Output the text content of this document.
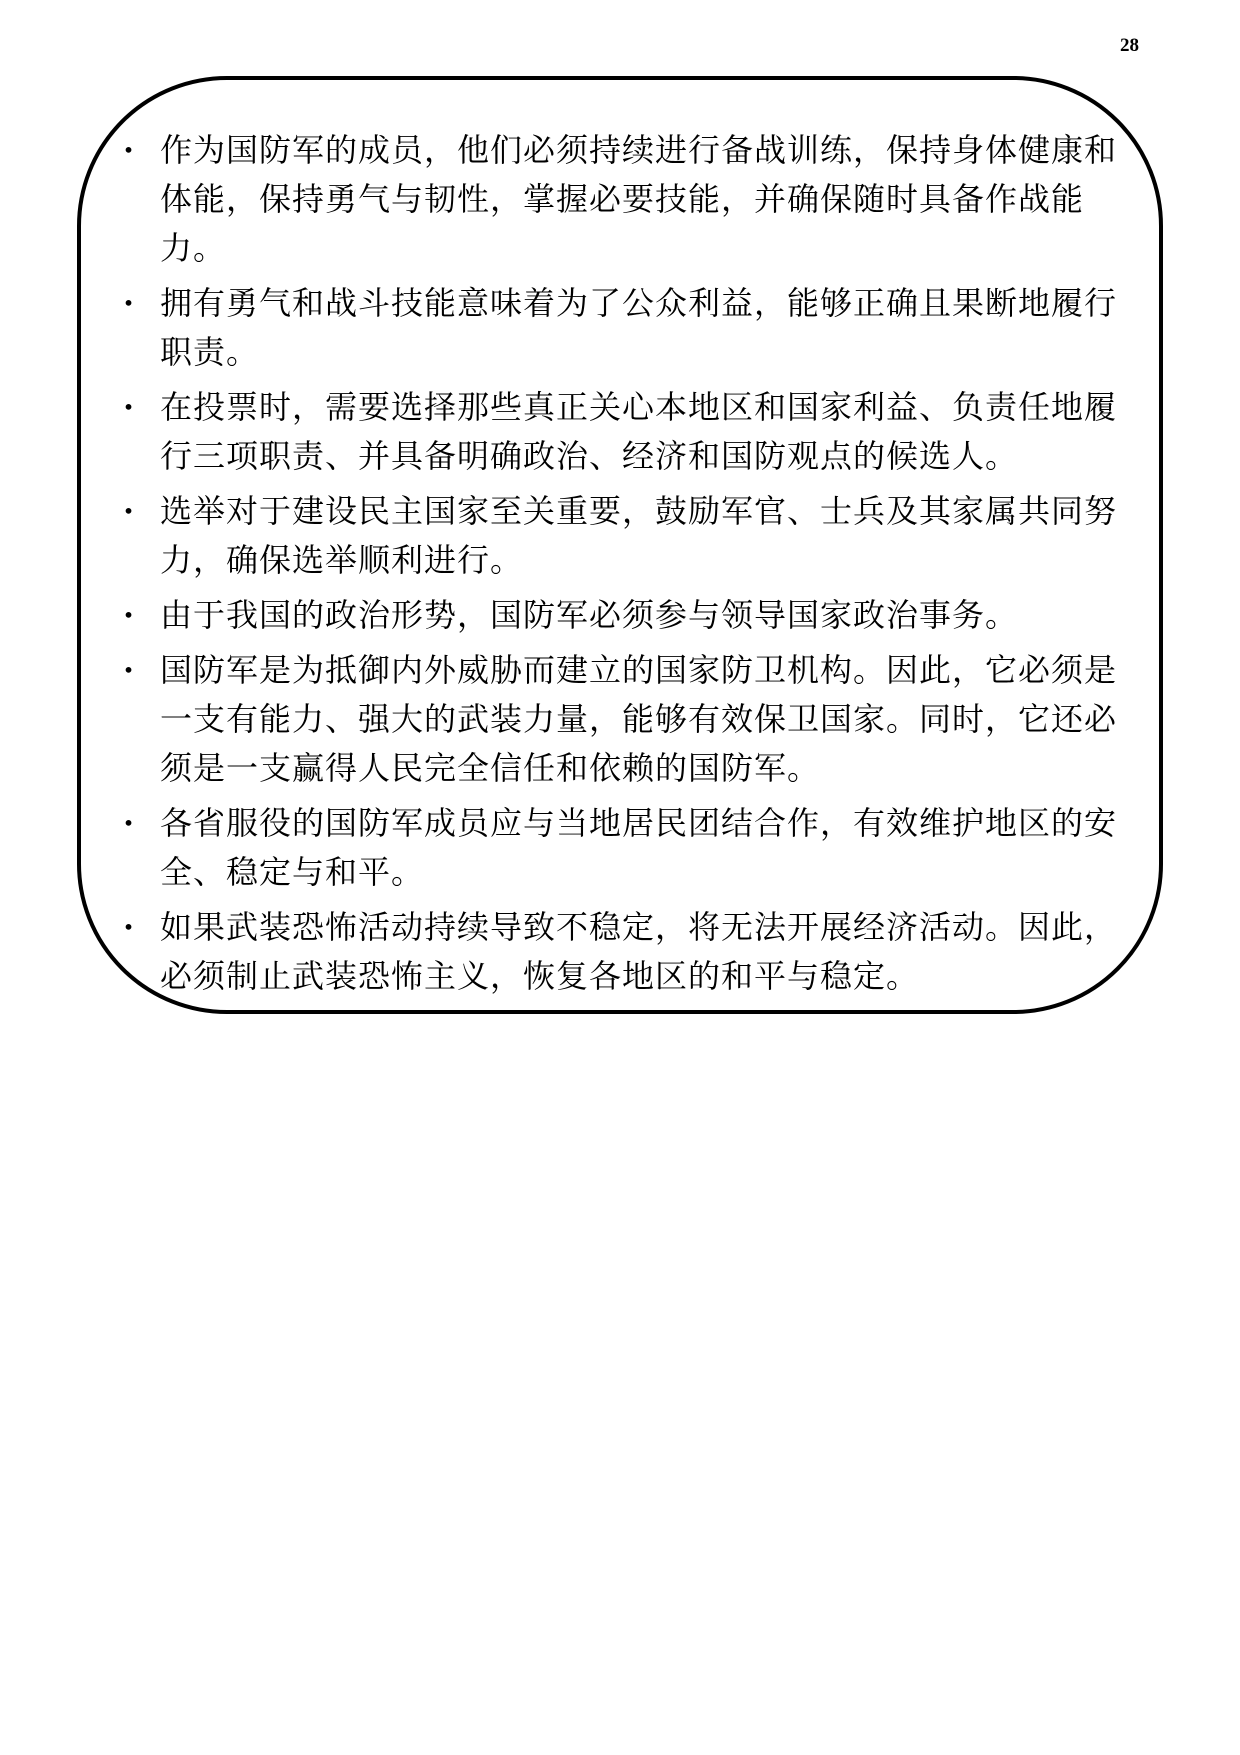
28
• 作为国防军的成员，他们必须持续进行备战训练，保持身体健康和体能，保持勇气与韧性，掌握必要技能，并确保随时具备作战能力。
• 拥有勇气和战斗技能意味着为了公众利益，能够正确且果断地履行职责。
• 在投票时，需要选择那些真正关心本地区和国家利益、负责任地履行三项职责、并具备明确政治、经济和国防观点的候选人。
• 选举对于建设民主国家至关重要，鼓励军官、士兵及其家属共同努力，确保选举顺利进行。
• 由于我国的政治形势，国防军必须参与领导国家政治事务。
• 国防军是为抵御内外威胁而建立的国家防卫机构。因此，它必须是一支有能力、强大的武装力量，能够有效保卫国家。同时，它还必须是一支赢得人民完全信任和依赖的国防军。
• 各省服役的国防军成员应与当地居民团结合作，有效维护地区的安全、稳定与和平。
• 如果武装恐怖活动持续导致不稳定，将无法开展经济活动。因此，必须制止武装恐怖主义，恢复各地区的和平与稳定。
